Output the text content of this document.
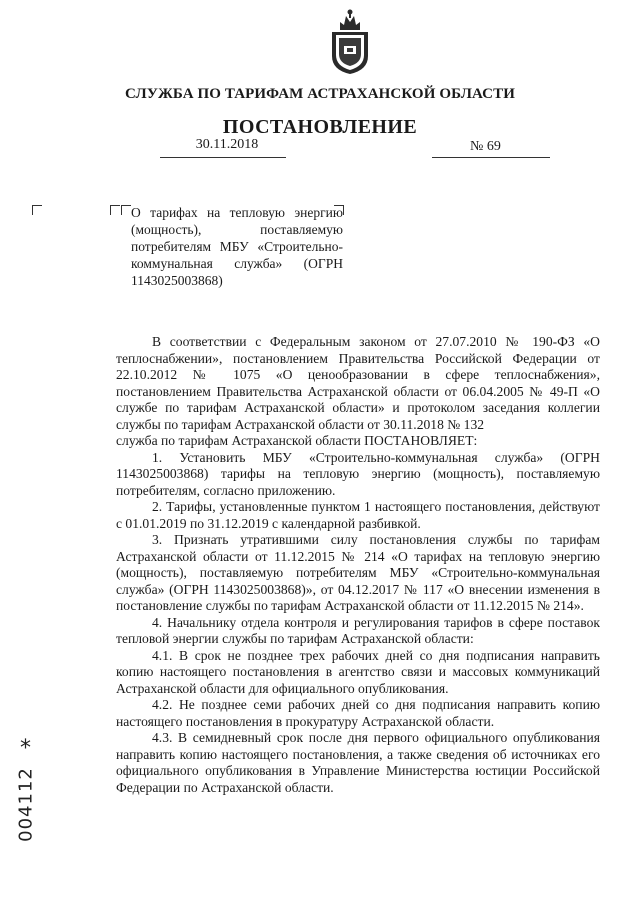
СЛУЖБА ПО ТАРИФАМ АСТРАХАНСКОЙ ОБЛАСТИ
ПОСТАНОВЛЕНИЕ
30.11.2018	№ 69
О тарифах на тепловую энергию (мощность), поставляемую потребителям МБУ «Строительно-коммунальная служба» (ОГРН 1143025003868)

В соответствии с Федеральным законом от 27.07.2010 № 190-ФЗ «О теплоснабжении», постановлением Правительства Российской Федерации от 22.10.2012 № 1075 «О ценообразовании в сфере теплоснабжения», постановлением Правительства Астраханской области от 06.04.2005 № 49-П «О службе по тарифам Астраханской области» и протоколом заседания коллегии службы по тарифам Астраханской области от 30.11.2018 № 132

служба по тарифам Астраханской области ПОСТАНОВЛЯЕТ:

1. Установить МБУ «Строительно-коммунальная служба» (ОГРН 1143025003868) тарифы на тепловую энергию (мощность), поставляемую потребителям, согласно приложению.

2. Тарифы, установленные пунктом 1 настоящего постановления, действуют с 01.01.2019 по 31.12.2019 с календарной разбивкой.

3. Признать утратившими силу постановления службы по тарифам Астраханской области от 11.12.2015 № 214 «О тарифах на тепловую энергию (мощность), поставляемую потребителям МБУ «Строительно-коммунальная служба» (ОГРН 1143025003868)», от 04.12.2017 № 117 «О внесении изменения в постановление службы по тарифам Астраханской области от 11.12.2015 № 214».

4. Начальнику отдела контроля и регулирования тарифов в сфере поставок тепловой энергии службы по тарифам Астраханской области:

4.1. В срок не позднее трех рабочих дней со дня подписания направить копию настоящего постановления в агентство связи и массовых коммуникаций Астраханской области для официального опубликования.

4.2. Не позднее семи рабочих дней со дня подписания направить копию настоящего постановления в прокуратуру Астраханской области.

4.3. В семидневный срок после дня первого официального опубликования направить копию настоящего постановления, а также сведения об источниках его официального опубликования в Управление Министерства юстиции Российской Федерации по Астраханской области.

*
004112
